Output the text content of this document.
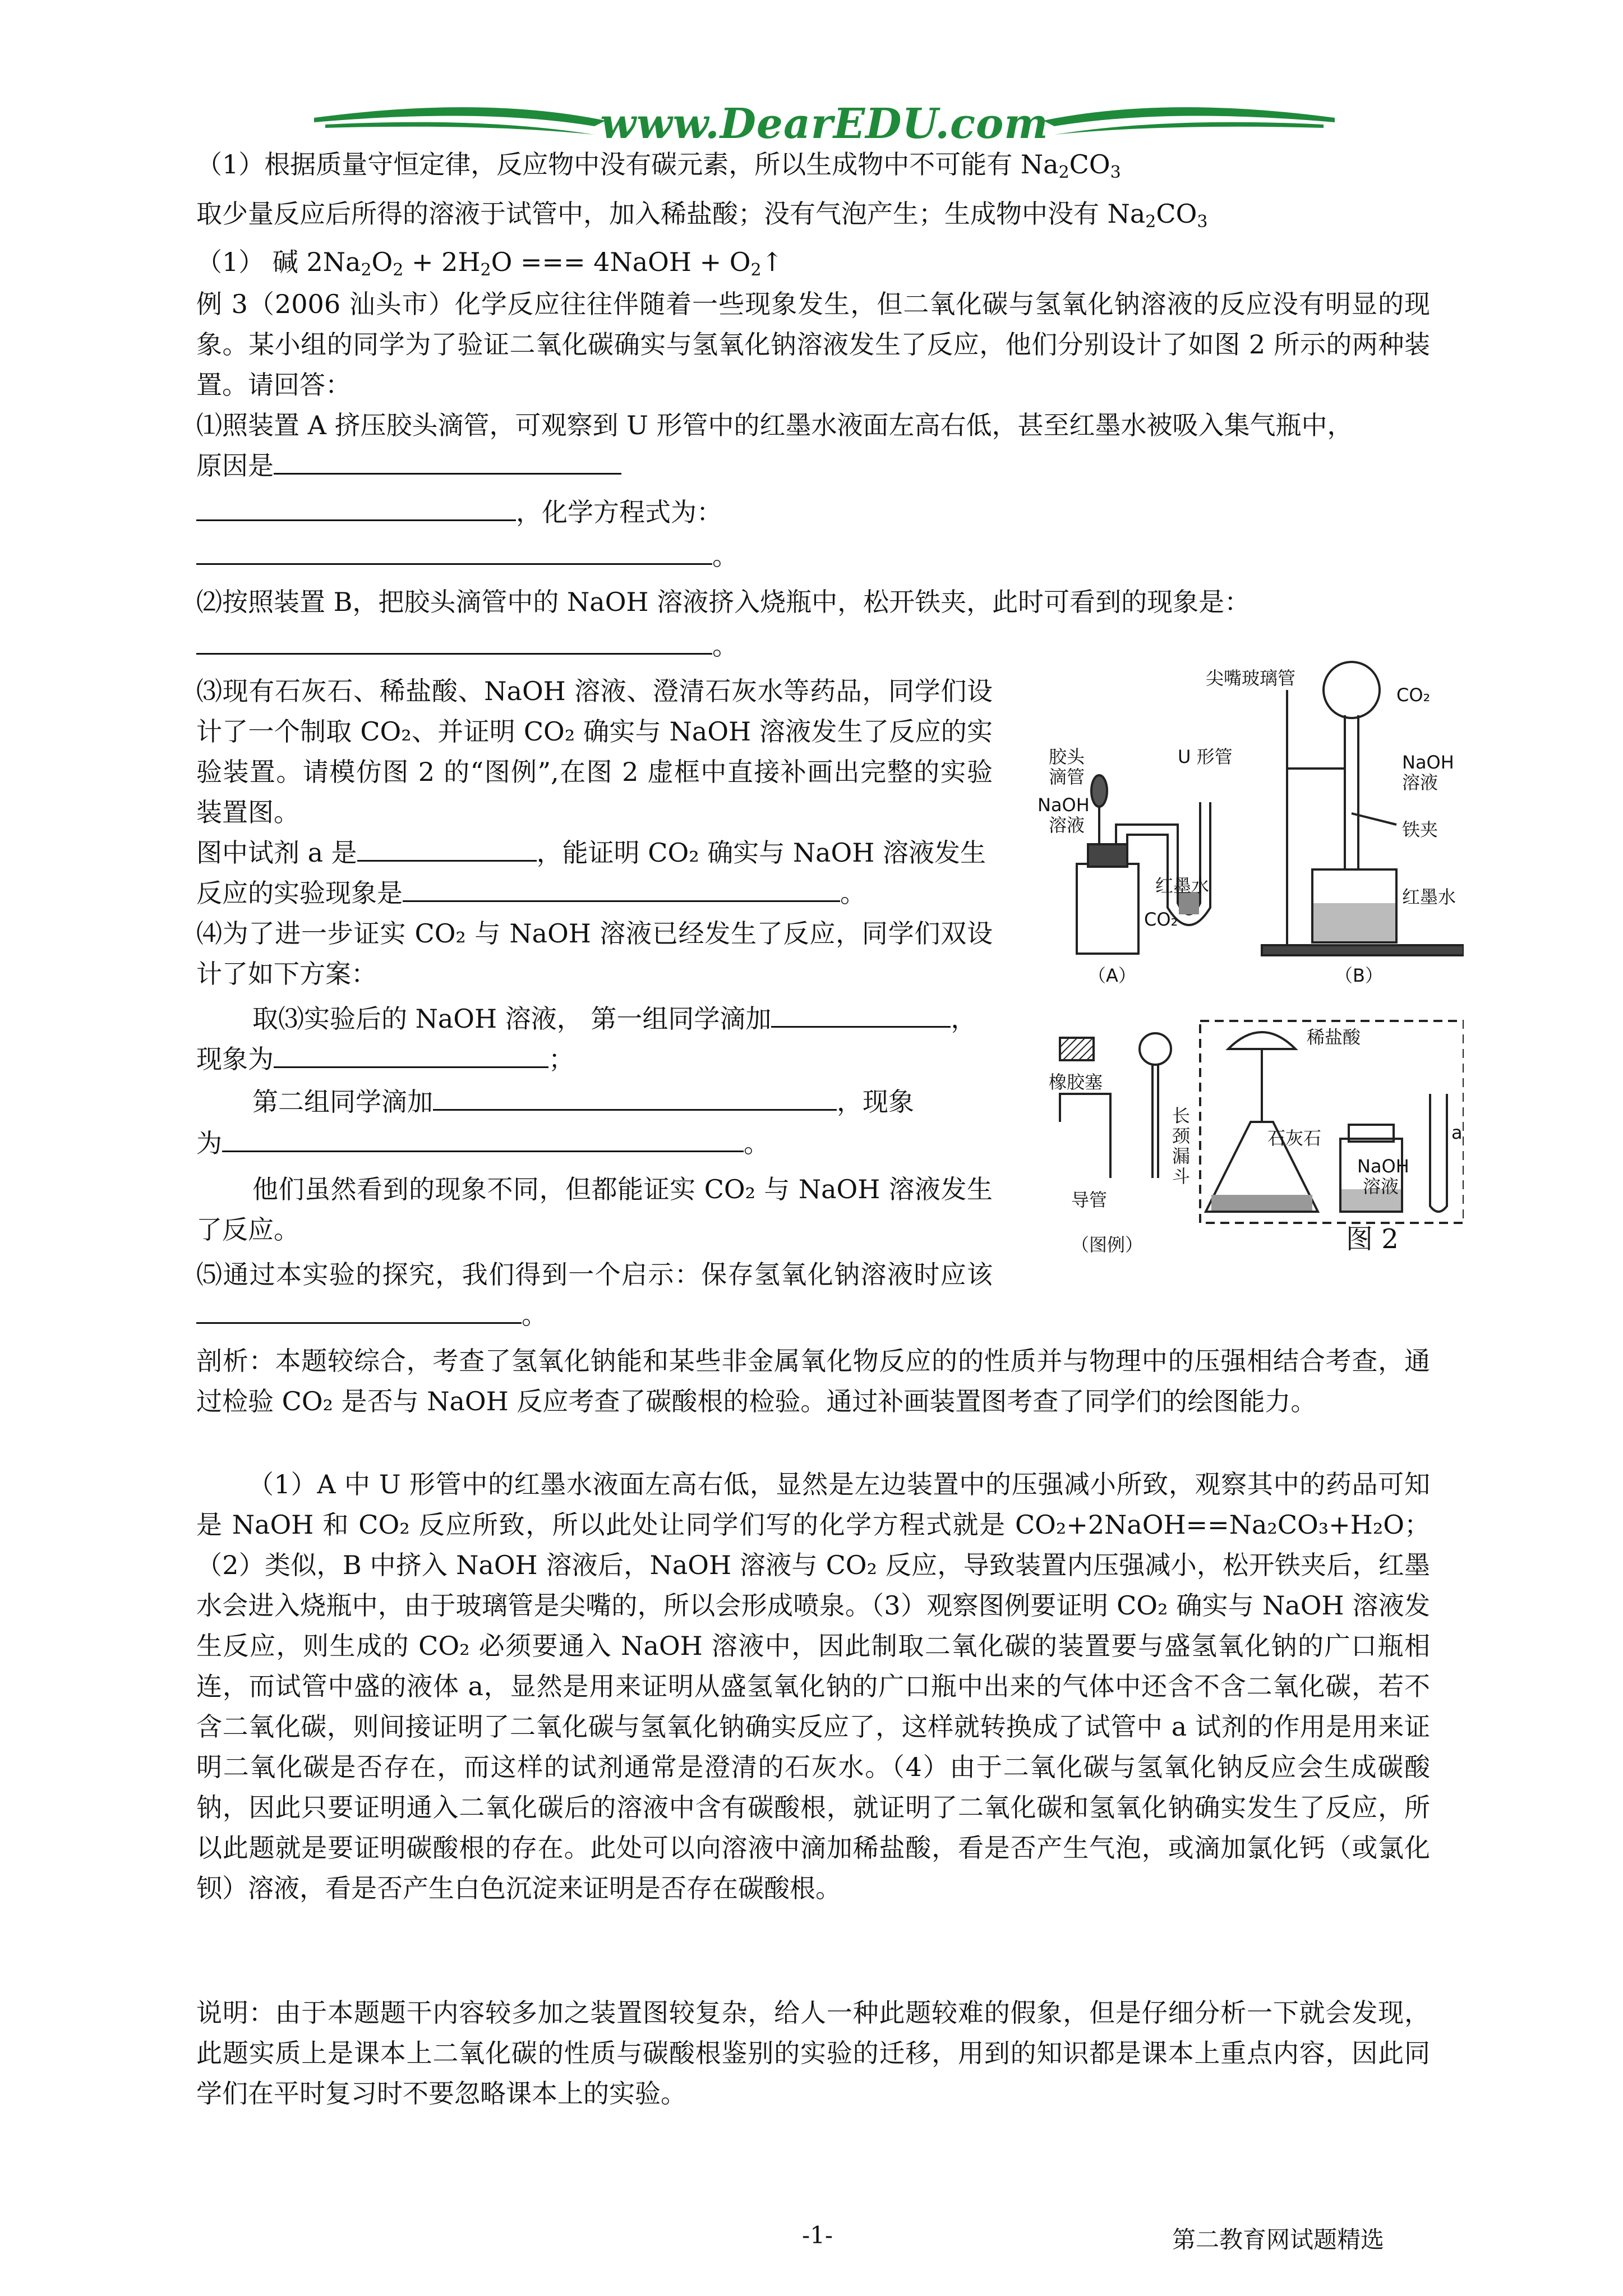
www.DearEDU.com
（1）根据质量守恒定律，反应物中没有碳元素，所以生成物中不可能有 $Na_2CO_3$
取少量反应后所得的溶液于试管中，加入稀盐酸；没有气泡产生；生成物中没有 $Na_2CO_3$
（1） 碱 $2Na_2O_2 + 2H_2O$ === 4NaOH + $O_2↑$
例 3（2006 汕头市）化学反应往往伴随着一些现象发生，但二氧化碳与氢氧化钠溶液的反应没有明显的现象。某小组的同学为了验证二氧化碳确实与氢氧化钠溶液发生了反应，他们分别设计了如图 2 所示的两种装置。请回答：
⑴照装置 A 挤压胶头滴管，可观察到 U 形管中的红墨水液面左高右低，甚至红墨水被吸入集气瓶中，
原因是
，化学方程式为：
。
⑵按照装置 B，把胶头滴管中的 NaOH 溶液挤入烧瓶中，松开铁夹，此时可看到的现象是：
。
⑶现有石灰石、稀盐酸、NaOH 溶液、澄清石灰水等药品，同学们设计了一个制取 CO₂、并证明 CO₂ 确实与 NaOH 溶液发生了反应的实验装置。请模仿图 2 的“图例”,在图 2 虚框中直接补画出完整的实验装置图。
图中试剂 a 是	，能证明 CO₂ 确实与 NaOH 溶液发生
反应的实验现象是	。
⑷为了进一步证实 CO₂ 与 NaOH 溶液已经发生了反应，同学们双设计了如下方案：
取⑶实验后的 NaOH 溶液， 第一组同学滴加	，
现象为	；
第二组同学滴加	，现象
为	。
他们虽然看到的现象不同，但都能证实 CO₂ 与 NaOH 溶液发生了反应。
⑸通过本实验的探究，我们得到一个启示：保存氢氧化钠溶液时应该。
尖嘴玻璃管
CO₂
U 形管
胶头
滴管
NaOH
溶液
NaOH
溶液
铁夹
红墨水
CO₂
红墨水
（A）	（B）
橡胶塞
长
颈
漏
斗
稀盐酸
石灰石
导管
（图例）
NaOH
溶液
a
图 2
剖析：本题较综合，考查了氢氧化钠能和某些非金属氧化物反应的的性质并与物理中的压强相结合考查，通过检验 CO₂ 是否与 NaOH 反应考查了碳酸根的检验。通过补画装置图考查了同学们的绘图能力。
（1）A 中 U 形管中的红墨水液面左高右低，显然是左边装置中的压强减小所致，观察其中的药品可知是 NaOH 和 CO₂ 反应所致，所以此处让同学们写的化学方程式就是 CO₂+2NaOH==Na₂CO₃+H₂O；（2）类似，B 中挤入 NaOH 溶液后，NaOH 溶液与 CO₂ 反应，导致装置内压强减小，松开铁夹后，红墨水会进入烧瓶中，由于玻璃管是尖嘴的，所以会形成喷泉。（3）观察图例要证明 CO₂ 确实与 NaOH 溶液发生反应，则生成的 CO₂ 必须要通入 NaOH 溶液中，因此制取二氧化碳的装置要与盛氢氧化钠的广口瓶相连，而试管中盛的液体 a，显然是用来证明从盛氢氧化钠的广口瓶中出来的气体中还含不含二氧化碳，若不含二氧化碳，则间接证明了二氧化碳与氢氧化钠确实反应了，这样就转换成了试管中 a 试剂的作用是用来证明二氧化碳是否存在，而这样的试剂通常是澄清的石灰水。（4）由于二氧化碳与氢氧化钠反应会生成碳酸钠，因此只要证明通入二氧化碳后的溶液中含有碳酸根，就证明了二氧化碳和氢氧化钠确实发生了反应，所以此题就是要证明碳酸根的存在。此处可以向溶液中滴加稀盐酸，看是否产生气泡，或滴加氯化钙（或氯化钡）溶液，看是否产生白色沉淀来证明是否存在碳酸根。
说明：由于本题题干内容较多加之装置图较复杂，给人一种此题较难的假象，但是仔细分析一下就会发现，此题实质上是课本上二氧化碳的性质与碳酸根鉴别的实验的迁移，用到的知识都是课本上重点内容，因此同学们在平时复习时不要忽略课本上的实验。
-1-	第二教育网试题精选
